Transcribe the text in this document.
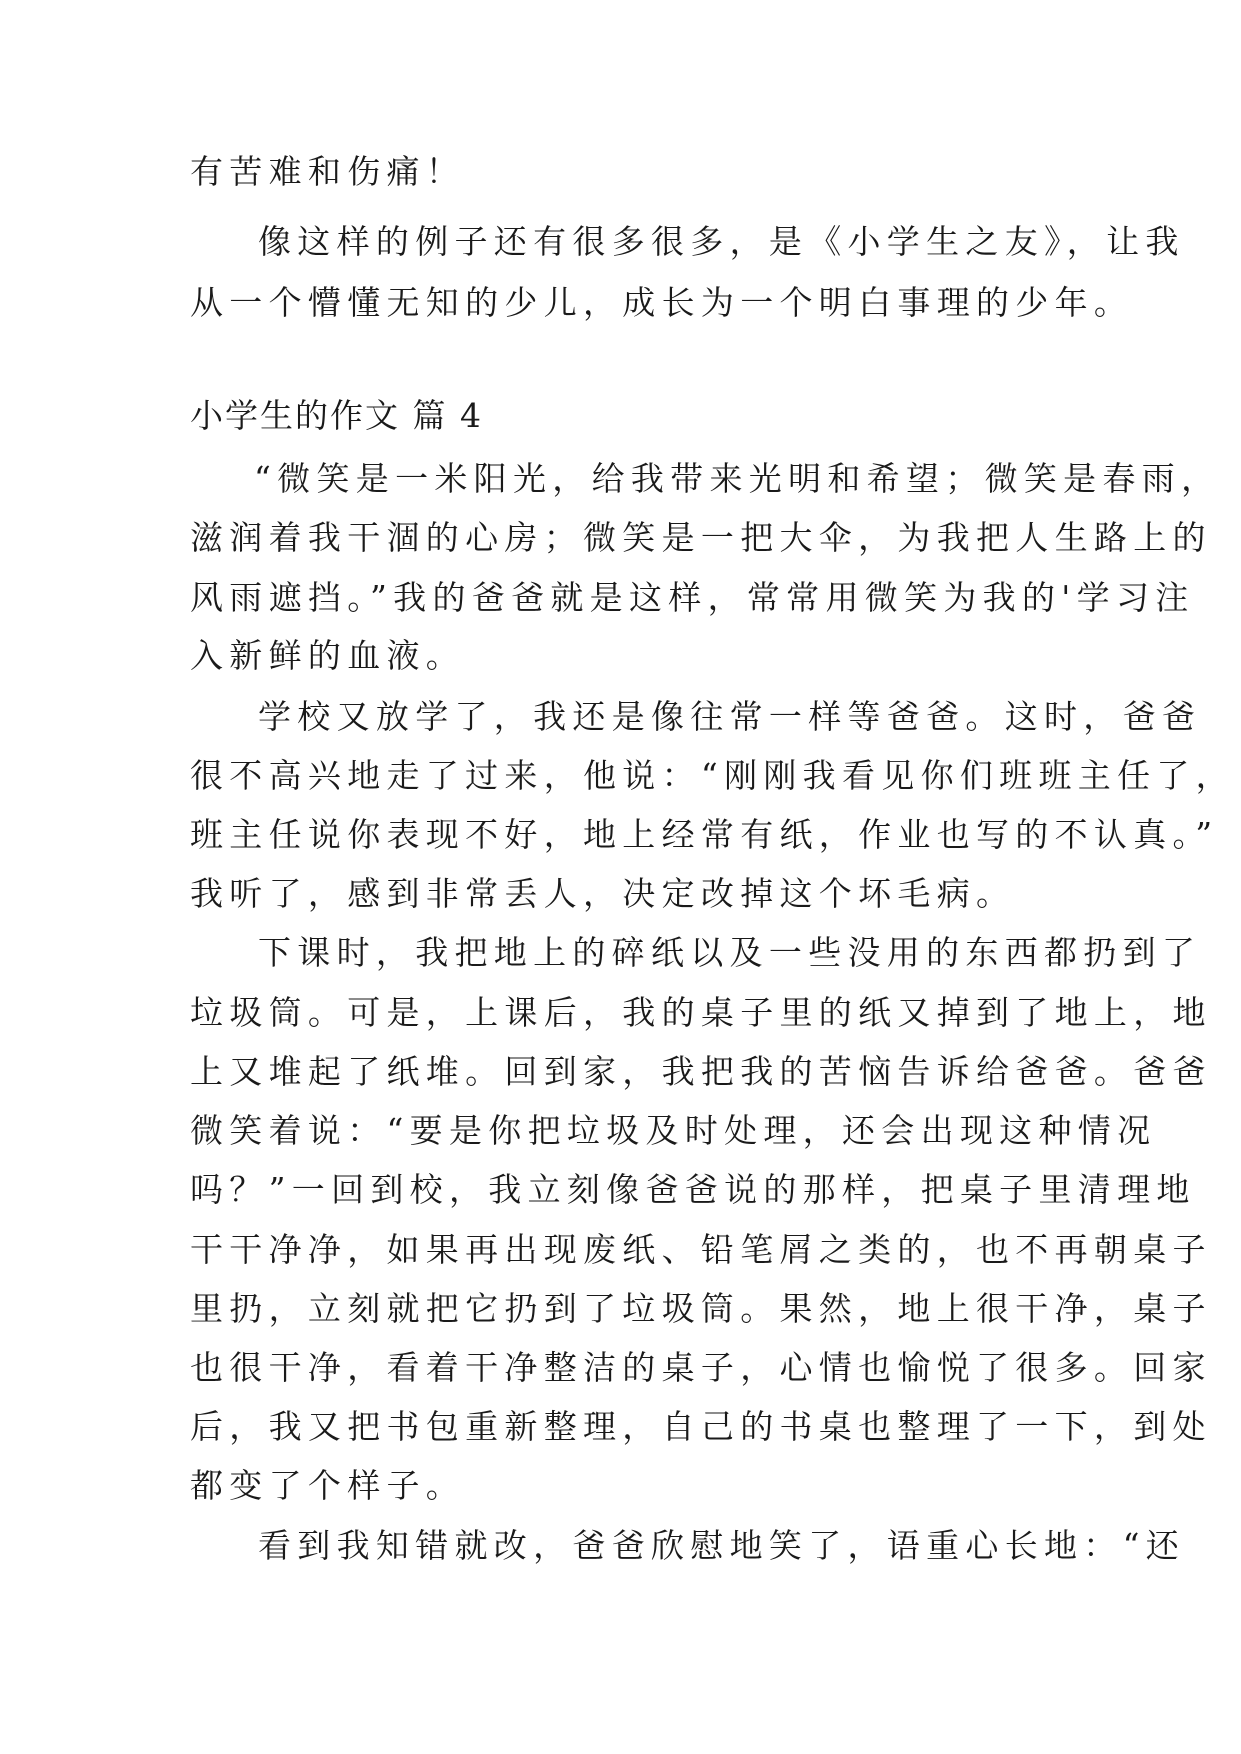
有苦难和伤痛！
像这样的例子还有很多很多，是《小学生之友》，让我
从一个懵懂无知的少儿，成长为一个明白事理的少年。
小学生的作文 篇 4
“微笑是一米阳光，给我带来光明和希望；微笑是春雨，
滋润着我干涸的心房；微笑是一把大伞，为我把人生路上的
风雨遮挡。”我的爸爸就是这样，常常用微笑为我的'学习注
入新鲜的血液。
学校又放学了，我还是像往常一样等爸爸。这时，爸爸
很不高兴地走了过来，他说：“刚刚我看见你们班班主任了，
班主任说你表现不好，地上经常有纸，作业也写的不认真。”
我听了，感到非常丢人，决定改掉这个坏毛病。
下课时，我把地上的碎纸以及一些没用的东西都扔到了
垃圾筒。可是，上课后，我的桌子里的纸又掉到了地上，地
上又堆起了纸堆。回到家，我把我的苦恼告诉给爸爸。爸爸
微笑着说：“要是你把垃圾及时处理，还会出现这种情况
吗？”一回到校，我立刻像爸爸说的那样，把桌子里清理地
干干净净，如果再出现废纸、铅笔屑之类的，也不再朝桌子
里扔，立刻就把它扔到了垃圾筒。果然，地上很干净，桌子
也很干净，看着干净整洁的桌子，心情也愉悦了很多。回家
后，我又把书包重新整理，自己的书桌也整理了一下，到处
都变了个样子。
看到我知错就改，爸爸欣慰地笑了，语重心长地：“还
